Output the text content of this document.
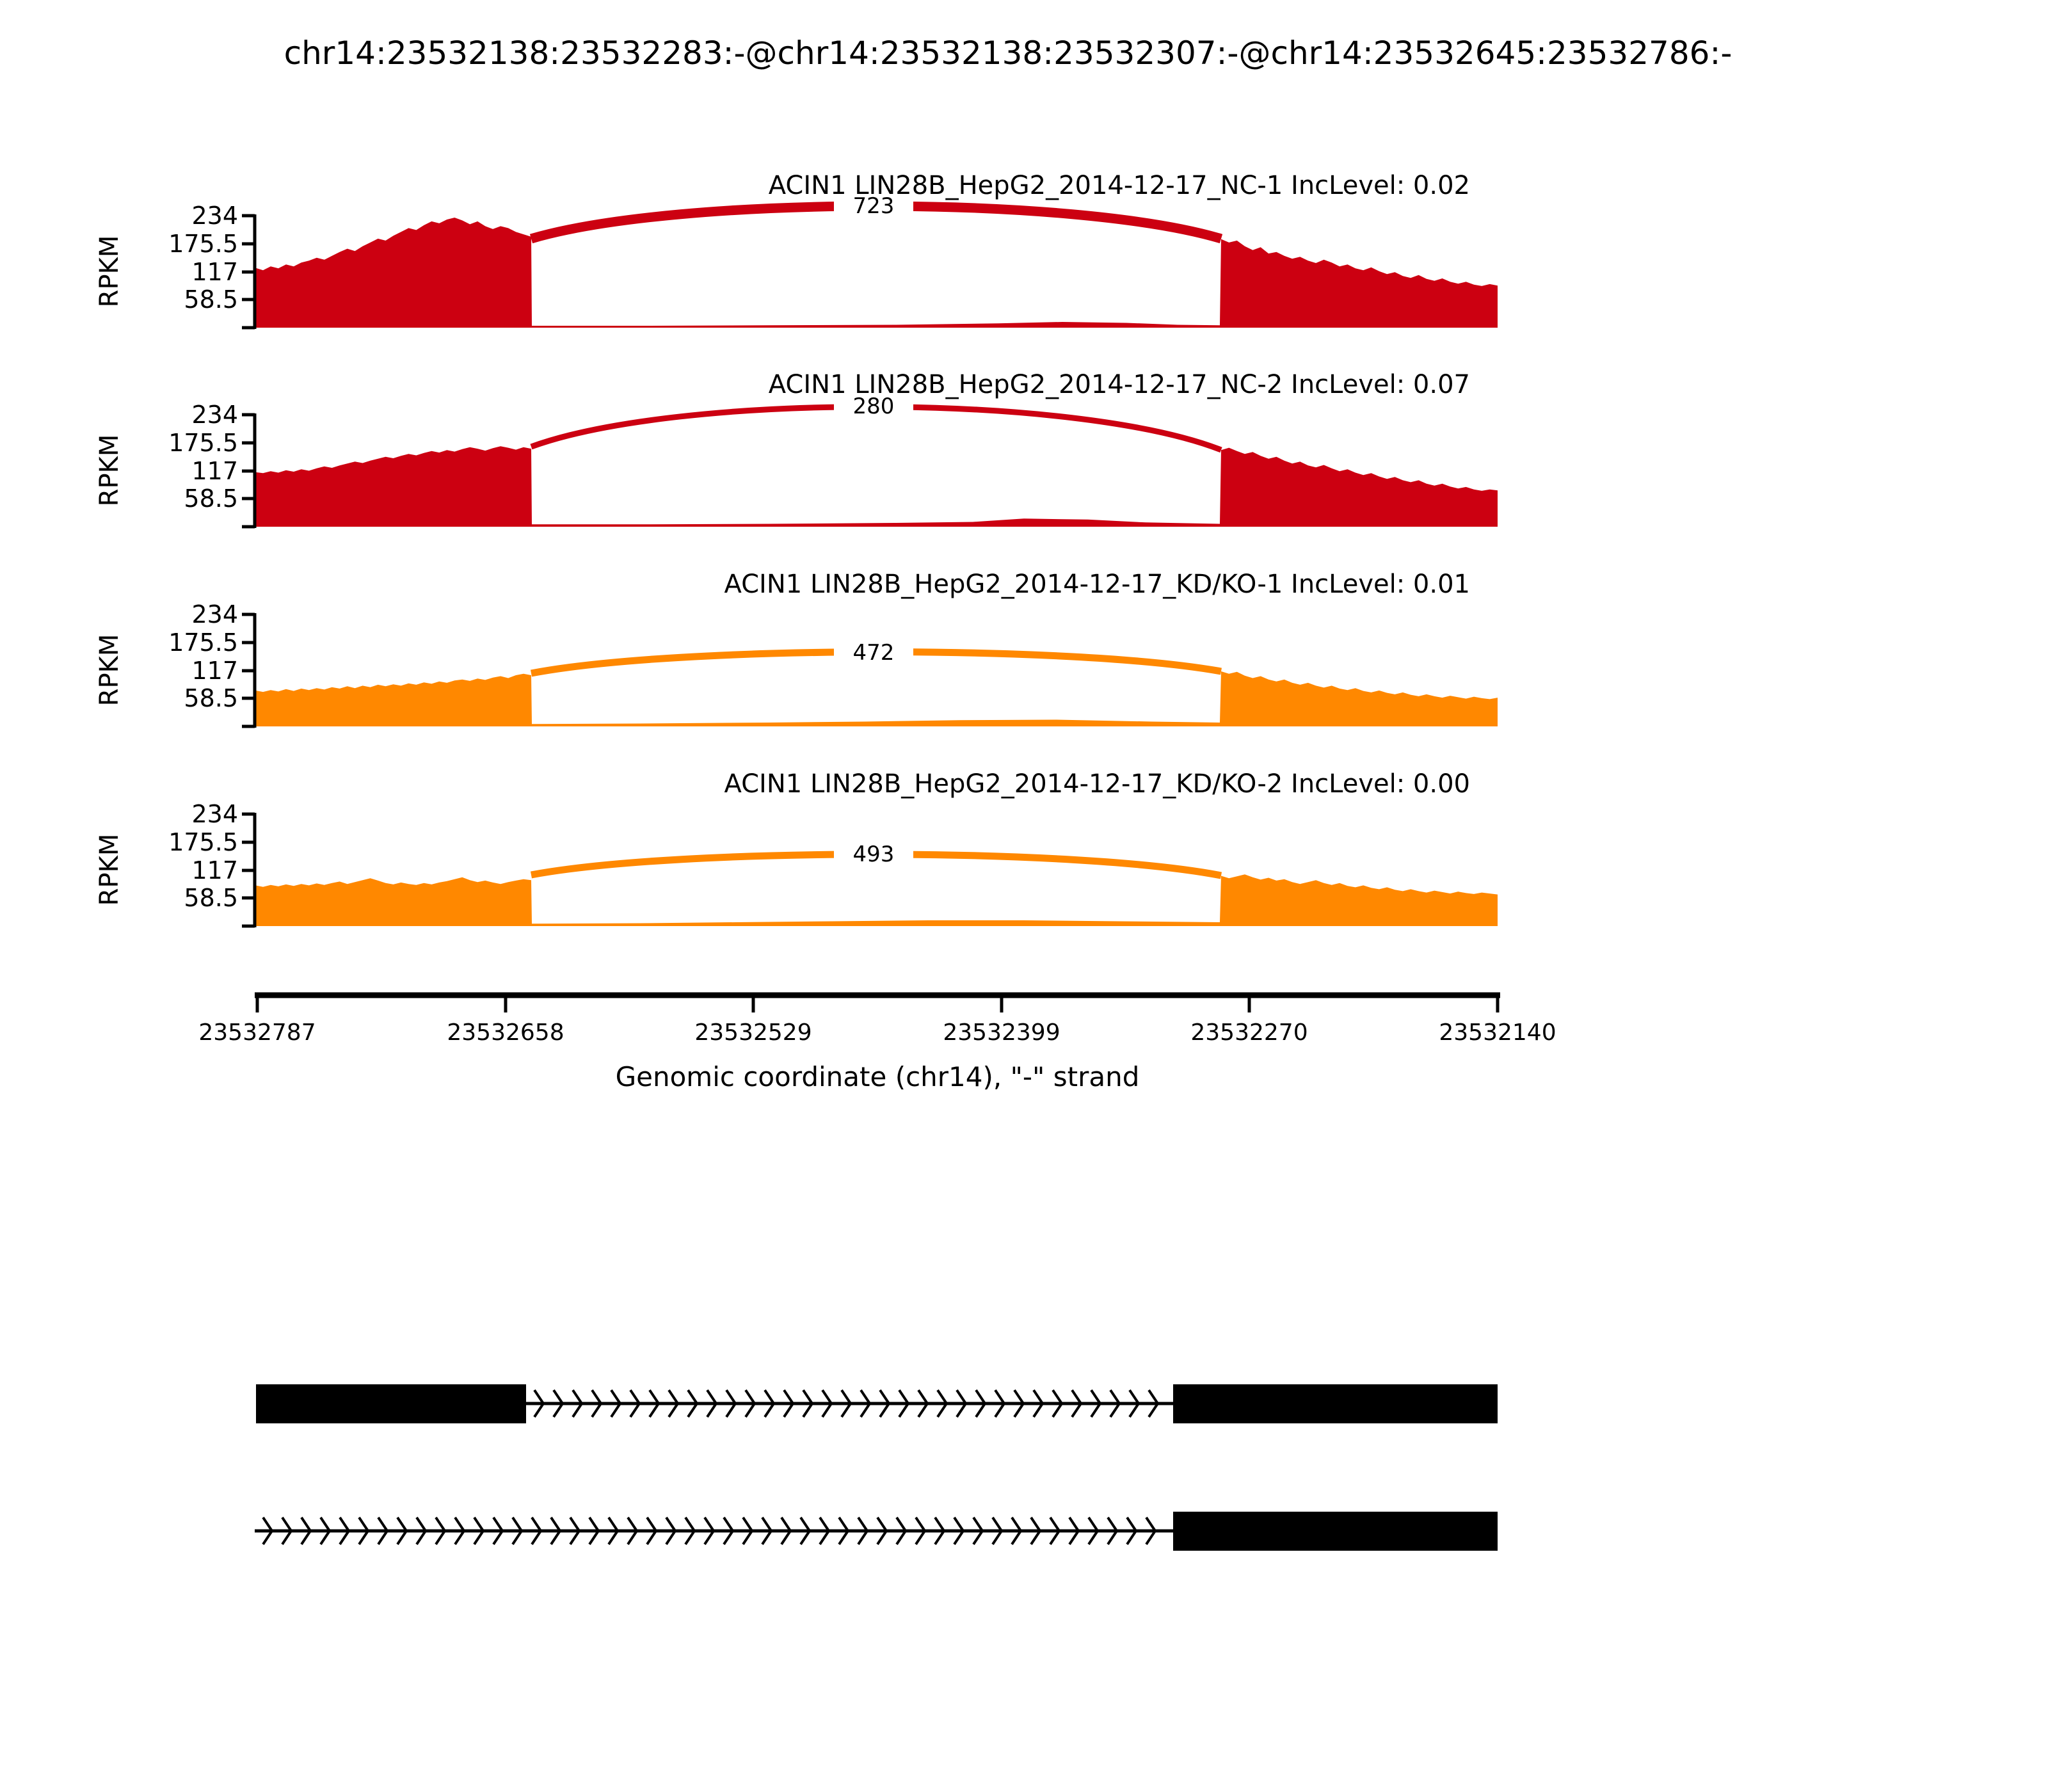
chr14:23532138:23532283:-@chr14:23532138:23532307:-@chr14:23532645:23532786:-
723
ACIN1 LIN28B_HepG2_2014-12-17_NC-1 IncLevel: 0.02
234
175.5
117
58.5
RPKM
280
ACIN1 LIN28B_HepG2_2014-12-17_NC-2 IncLevel: 0.07
234
175.5
117
58.5
RPKM
472
ACIN1 LIN28B_HepG2_2014-12-17_KD/KO-1 IncLevel: 0.01
234
175.5
117
58.5
RPKM
493
ACIN1 LIN28B_HepG2_2014-12-17_KD/KO-2 IncLevel: 0.00
234
175.5
117
58.5
RPKM
23532787	23532658	23532529	23532399	23532270	23532140
Genomic coordinate (chr14), "-" strand
